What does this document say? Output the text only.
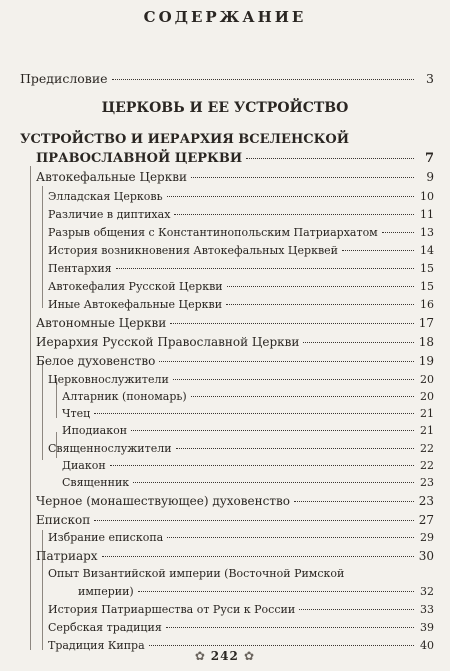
СОДЕРЖАНИЕ
Предисловие	3
ЦЕРКОВЬ И ЕЕ УСТРОЙСТВО
УСТРОЙСТВО И ИЕРАРХИЯ ВСЕЛЕНСКОЙ
ПРАВОСЛАВНОЙ ЦЕРКВИ	7
Автокефальные Церкви	9
Элладская Церковь	10
Различие в диптихах	11
Разрыв общения с Константинопольским Патриархатом	13
История возникновения Автокефальных Церквей	14
Пентархия	15
Автокефалия Русской Церкви	15
Иные Автокефальные Церкви	16
Автономные Церкви	17
Иерархия Русской Православной Церкви	18
Белое духовенство	19
Церковнослужители	20
Алтарник (пономарь)	20
Чтец	21
Иподиакон	21
Священнослужители	22
Диакон	22
Священник	23
Черное (монашествующее) духовенство	23
Епископ	27
Избрание епископа	29
Патриарх	30
Опыт Византийской империи (Восточной Римской
империи)	32
История Патриаршества от Руси к России	33
Сербская традиция	39
Традиция Кипра	40
✿ 242 ✿
